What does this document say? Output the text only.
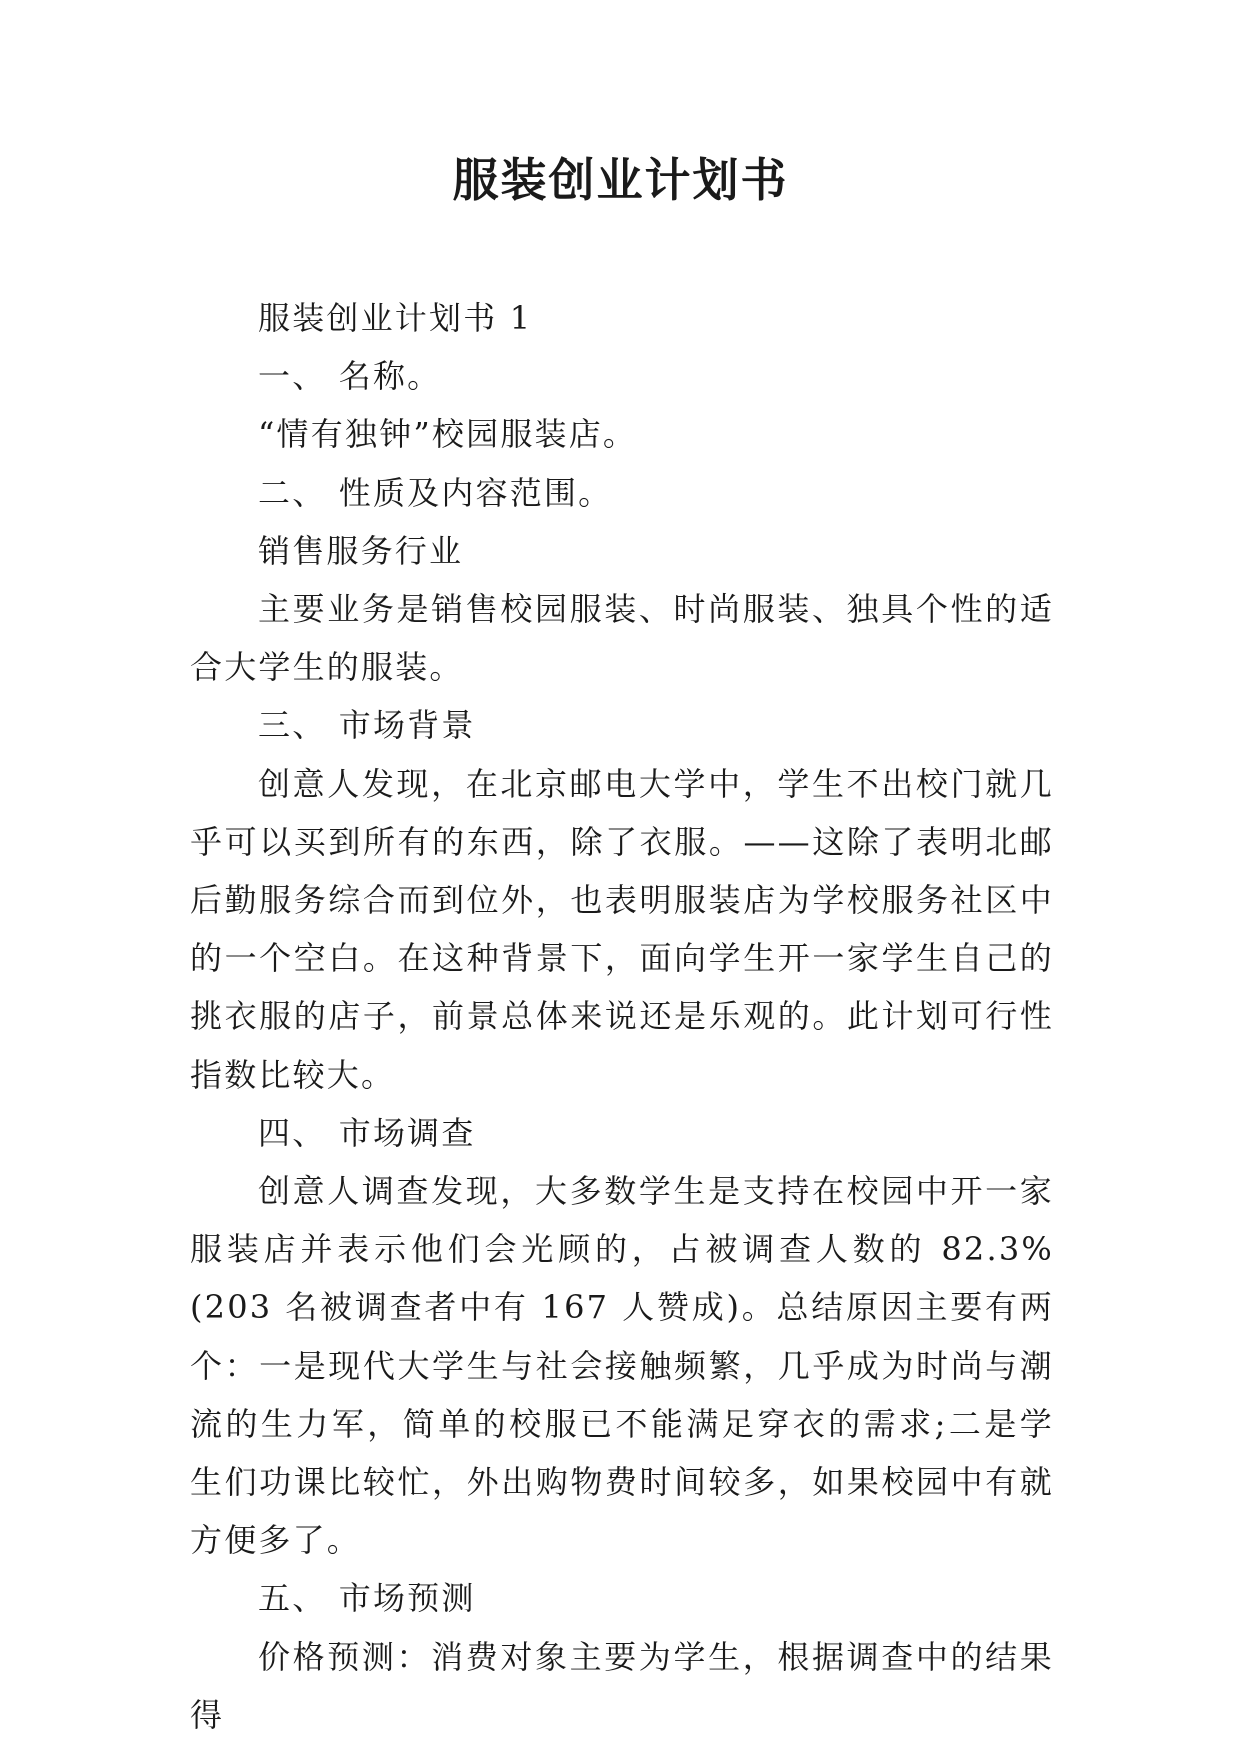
服装创业计划书

服装创业计划书 1

一、 名称。

“情有独钟”校园服装店。

二、 性质及内容范围。

销售服务行业

主要业务是销售校园服装、时尚服装、独具个性的适合大学生的服装。

三、 市场背景

创意人发现，在北京邮电大学中，学生不出校门就几乎可以买到所有的东西，除了衣服。——这除了表明北邮后勤服务综合而到位外，也表明服装店为学校服务社区中的一个空白。在这种背景下，面向学生开一家学生自己的挑衣服的店子，前景总体来说还是乐观的。此计划可行性指数比较大。

四、 市场调查

创意人调查发现，大多数学生是支持在校园中开一家服装店并表示他们会光顾的，占被调查人数的 82.3%(203 名被调查者中有 167 人赞成)。总结原因主要有两个：一是现代大学生与社会接触频繁，几乎成为时尚与潮流的生力军，简单的校服已不能满足穿衣的需求;二是学生们功课比较忙，外出购物费时间较多，如果校园中有就方便多了。

五、 市场预测

价格预测：消费对象主要为学生，根据调查中的结果得
